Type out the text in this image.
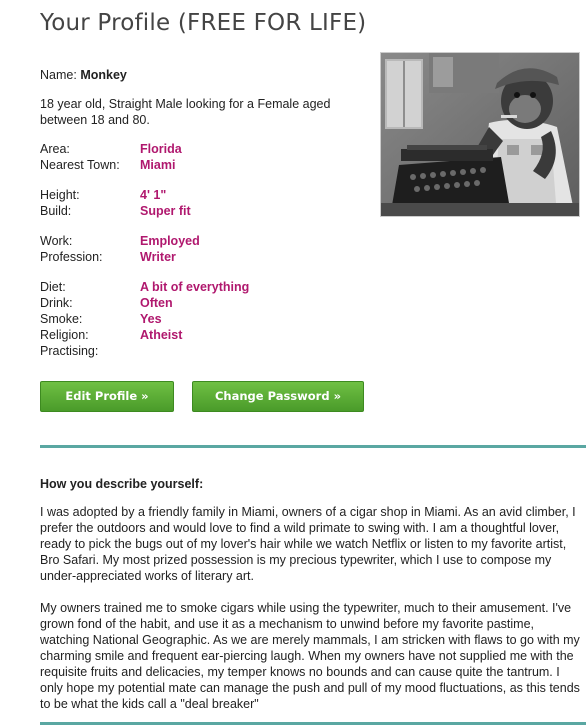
Your Profile (FREE FOR LIFE)
Name: Monkey
18 year old, Straight Male looking for a Female aged between 18 and 80.
Area:	Florida
Nearest Town: Miami
Height:	4' 1"
Build:	Super fit
Work:	Employed
Profession:	Writer
Diet:	A bit of everything
Drink:	Often
Smoke:	Yes
Religion:	Atheist
Practising:
Edit Profile »	Change Password »
How you describe yourself:

I was adopted by a friendly family in Miami, owners of a cigar shop in Miami. As an avid climber, I prefer the outdoors and would love to find a wild primate to swing with. I am a thoughtful lover, ready to pick the bugs out of my lover's hair while we watch Netflix or listen to my favorite artist, Bro Safari. My most prized possession is my precious typewriter, which I use to compose my under-appreciated works of literary art.

My owners trained me to smoke cigars while using the typewriter, much to their amusement. I've grown fond of the habit, and use it as a mechanism to unwind before my favorite pastime, watching National Geographic. As we are merely mammals, I am stricken with flaws to go with my charming smile and frequent ear-piercing laugh. When my owners have not supplied me with the requisite fruits and delicacies, my temper knows no bounds and can cause quite the tantrum. I only hope my potential mate can manage the push and pull of my mood fluctuations, as this tends to be what the kids call a "deal breaker"
